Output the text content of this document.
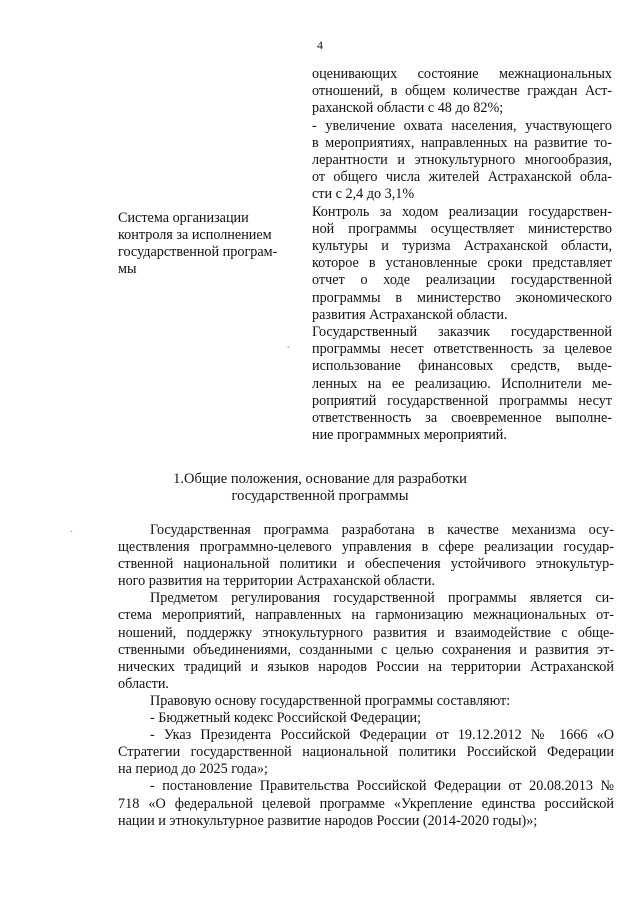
4
оценивающих состояние межнациональных
отношений, в общем количестве граждан Аст-
раханской области с 48 до 82%;
- увеличение охвата населения, участвующего
в мероприятиях, направленных на развитие то-
лерантности и этнокультурного многообразия,
от общего числа жителей Астраханской обла-
сти с 2,4 до 3,1%
Контроль за ходом реализации государствен-
ной программы осуществляет министерство
культуры и туризма Астраханской области,
которое в установленные сроки представляет
отчет о ходе реализации государственной
программы в министерство экономического
развития Астраханской области.
Государственный заказчик государственной
программы несет ответственность за целевое
использование финансовых средств, выде-
ленных на ее реализацию. Исполнители ме-
роприятий государственной программы несут
ответственность за своевременное выполне-
ние программных мероприятий.
Система организации
контроля за исполнением
государственной програм-
мы
1.Общие положения, основание для разработки
государственной программы
Государственная программа разработана в качестве механизма осу-
ществления программно-целевого управления в сфере реализации государ-
ственной национальной политики и обеспечения устойчивого этнокультур-
ного развития на территории Астраханской области.
Предметом регулирования государственной программы является си-
стема мероприятий, направленных на гармонизацию межнациональных от-
ношений, поддержку этнокультурного развития и взаимодействие с обще-
ственными объединениями, созданными с целью сохранения и развития эт-
нических традиций и языков народов России на территории Астраханской
области.
Правовую основу государственной программы составляют:
- Бюджетный кодекс Российской Федерации;
- Указ Президента Российской Федерации от 19.12.2012 № 1666 «О
Стратегии государственной национальной политики Российской Федерации
на период до 2025 года»;
- постановление Правительства Российской Федерации от 20.08.2013 №
718 «О федеральной целевой программе «Укрепление единства российской
нации и этнокультурное развитие народов России (2014-2020 годы)»;
˛
·
